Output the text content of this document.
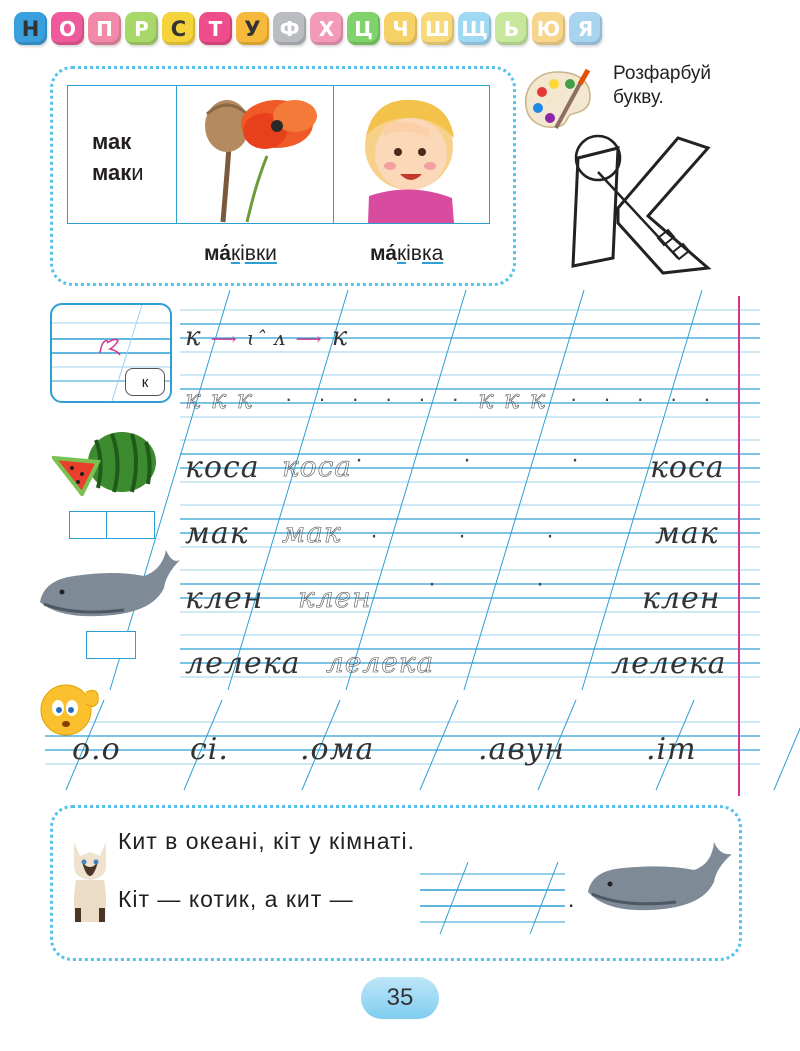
Н О	П	Р	С	Т	У Ф Х	Ц Ч Ш Щ Ь Ю Я
мак
маки
ма́ківки	ма́ківка
Розфарбуй букву.
к
к ⟶ ɩˆ ᴧ ⟶ к
к к к ······
к к к ·····
коса коса	коса
мак мак	мак
клен клен	клен
лелека лелека	лелека
···
··
···
о.о сі. .ома	.авун	.іт
Кит в океані, кіт у кімнаті.
Кіт — котик, а кит —	.
35
